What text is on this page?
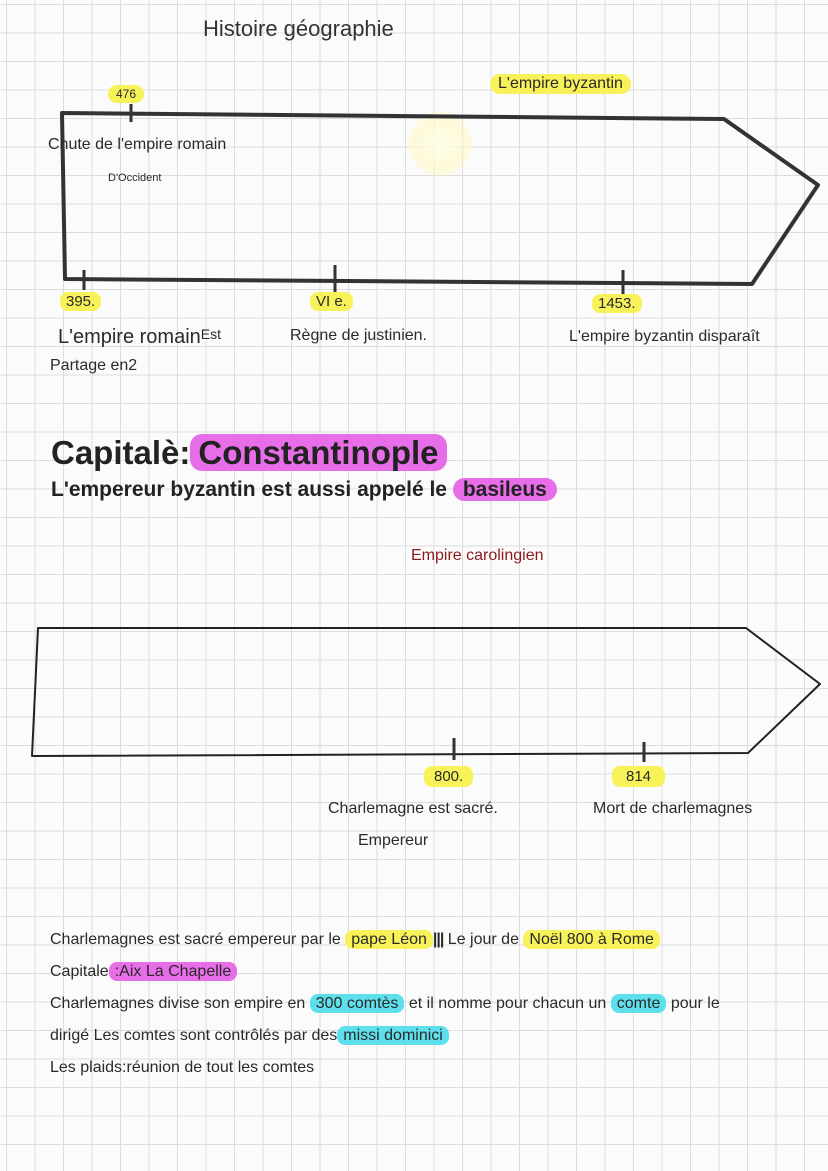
Histoire géographie
476
L'empire byzantin
Chute de l'empire romain
D'Occident
395.	VI e.	1453.
L'empire romain$^{Est}$
Partage en2
Règne de justinien.	L'empire byzantin disparaît
Capitalè: Constantinople
L'empereur byzantin est aussi appelé le basileus
Empire carolingien
800.	814
Charlemagne est sacré.
Empereur
Mort de charlemagnes
Charlemagnes est sacré empereur par le pape Léon ||| Le jour de Noël 800 à Rome
Capitale :Aix La Chapelle
Charlemagnes divise son empire en 300 comtès et il nomme pour chacun un comte pour le
dirigé Les comtes sont contrôlés par des missi dominici
Les plaids:réunion de tout les comtes
